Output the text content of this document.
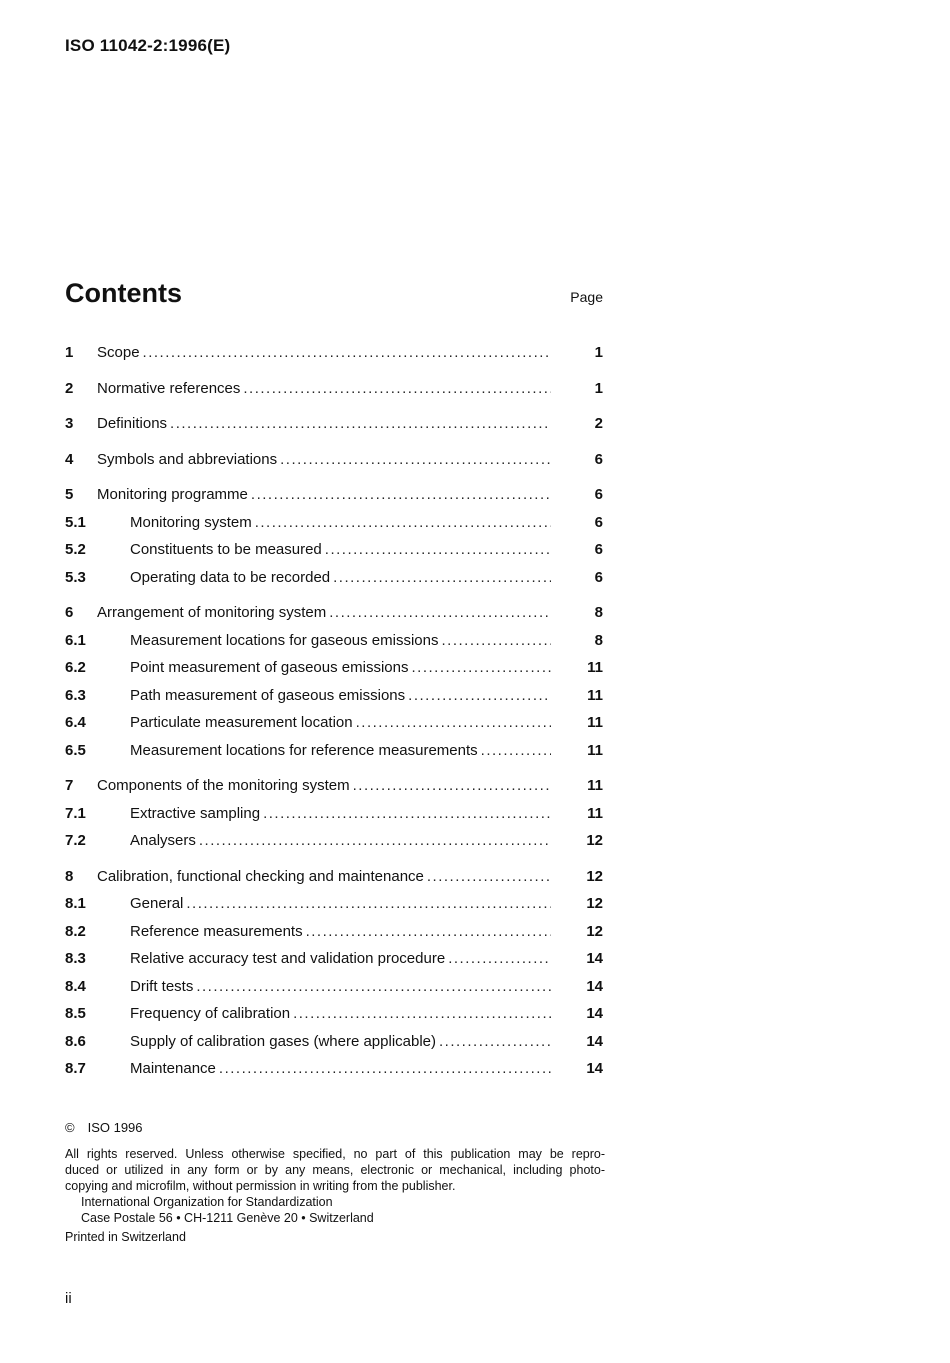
ISO 11042-2:1996(E)
Contents	Page
1	Scope .....	1
2	Normative references .....	1
3	Definitions .....	2
4	Symbols and abbreviations .....	6
5	Monitoring programme .....	6
5.1	Monitoring system .....	6
5.2	Constituents to be measured .....	6
5.3	Operating data to be recorded .....	6
6	Arrangement of monitoring system .....	8
6.1	Measurement locations for gaseous emissions .....	8
6.2	Point measurement of gaseous emissions .....	11
6.3	Path measurement of gaseous emissions .....	11
6.4	Particulate measurement location .....	11
6.5	Measurement locations for reference measurements .....	11
7	Components of the monitoring system .....	11
7.1	Extractive sampling .....	11
7.2	Analysers .....	12
8	Calibration, functional checking and maintenance .....	12
8.1	General .....	12
8.2	Reference measurements .....	12
8.3	Relative accuracy test and validation procedure .....	14
8.4	Drift tests .....	14
8.5	Frequency of calibration .....	14
8.6	Supply of calibration gases (where applicable) .....	14
8.7	Maintenance .....	14
© ISO 1996
All rights reserved. Unless otherwise specified, no part of this publication may be repro-
duced or utilized in any form or by any means, electronic or mechanical, including photo-
copying and microfilm, without permission in writing from the publisher.
International Organization for Standardization
Case Postale 56 • CH-1211 Genève 20 • Switzerland
Printed in Switzerland
ii
